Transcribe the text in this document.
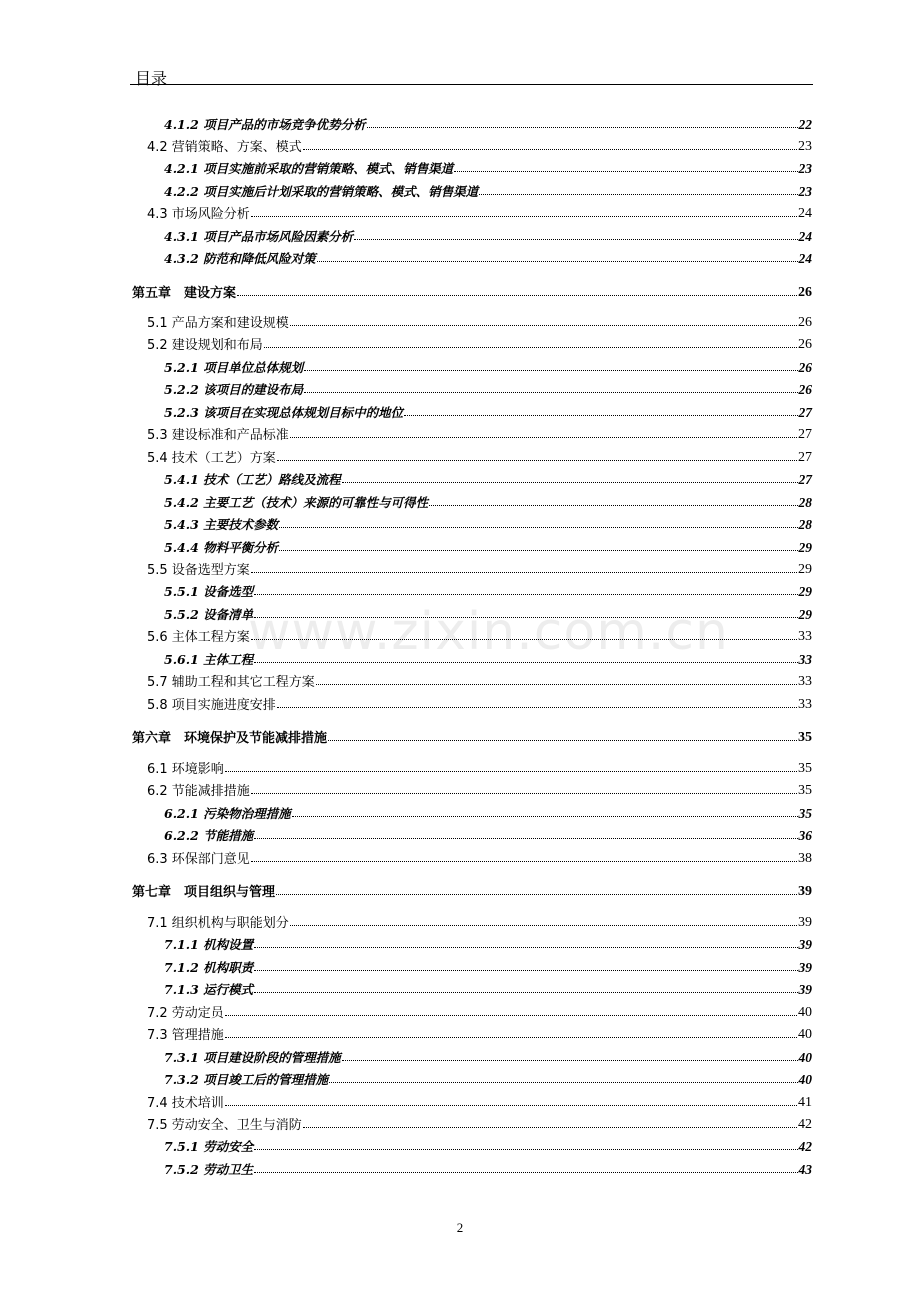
目录
www.zixin.com.cn
4.1.2 项目产品的市场竞争优势分析	22
4.2 营销策略、方案、模式	23
4.2.1 项目实施前采取的营销策略、模式、销售渠道	23
4.2.2 项目实施后计划采取的营销策略、模式、销售渠道	23
4.3 市场风险分析	24
4.3.1 项目产品市场风险因素分析	24
4.3.2 防范和降低风险对策	24
第五章　建设方案	26
5.1 产品方案和建设规模	26
5.2 建设规划和布局	26
5.2.1 项目单位总体规划	26
5.2.2 该项目的建设布局	26
5.2.3 该项目在实现总体规划目标中的地位	27
5.3 建设标准和产品标准	27
5.4 技术（工艺）方案	27
5.4.1 技术（工艺）路线及流程	27
5.4.2 主要工艺（技术）来源的可靠性与可得性	28
5.4.3 主要技术参数	28
5.4.4 物料平衡分析	29
5.5 设备选型方案	29
5.5.1 设备选型	29
5.5.2 设备清单	29
5.6 主体工程方案	33
5.6.1 主体工程	33
5.7 辅助工程和其它工程方案	33
5.8 项目实施进度安排	33
第六章　环境保护及节能减排措施	35
6.1 环境影响	35
6.2 节能减排措施	35
6.2.1 污染物治理措施	35
6.2.2 节能措施	36
6.3 环保部门意见	38
第七章　项目组织与管理	39
7.1 组织机构与职能划分	39
7.1.1 机构设置	39
7.1.2 机构职责	39
7.1.3 运行模式	39
7.2 劳动定员	40
7.3 管理措施	40
7.3.1 项目建设阶段的管理措施	40
7.3.2 项目竣工后的管理措施	40
7.4 技术培训	41
7.5 劳动安全、卫生与消防	42
7.5.1 劳动安全	42
7.5.2 劳动卫生	43
2
